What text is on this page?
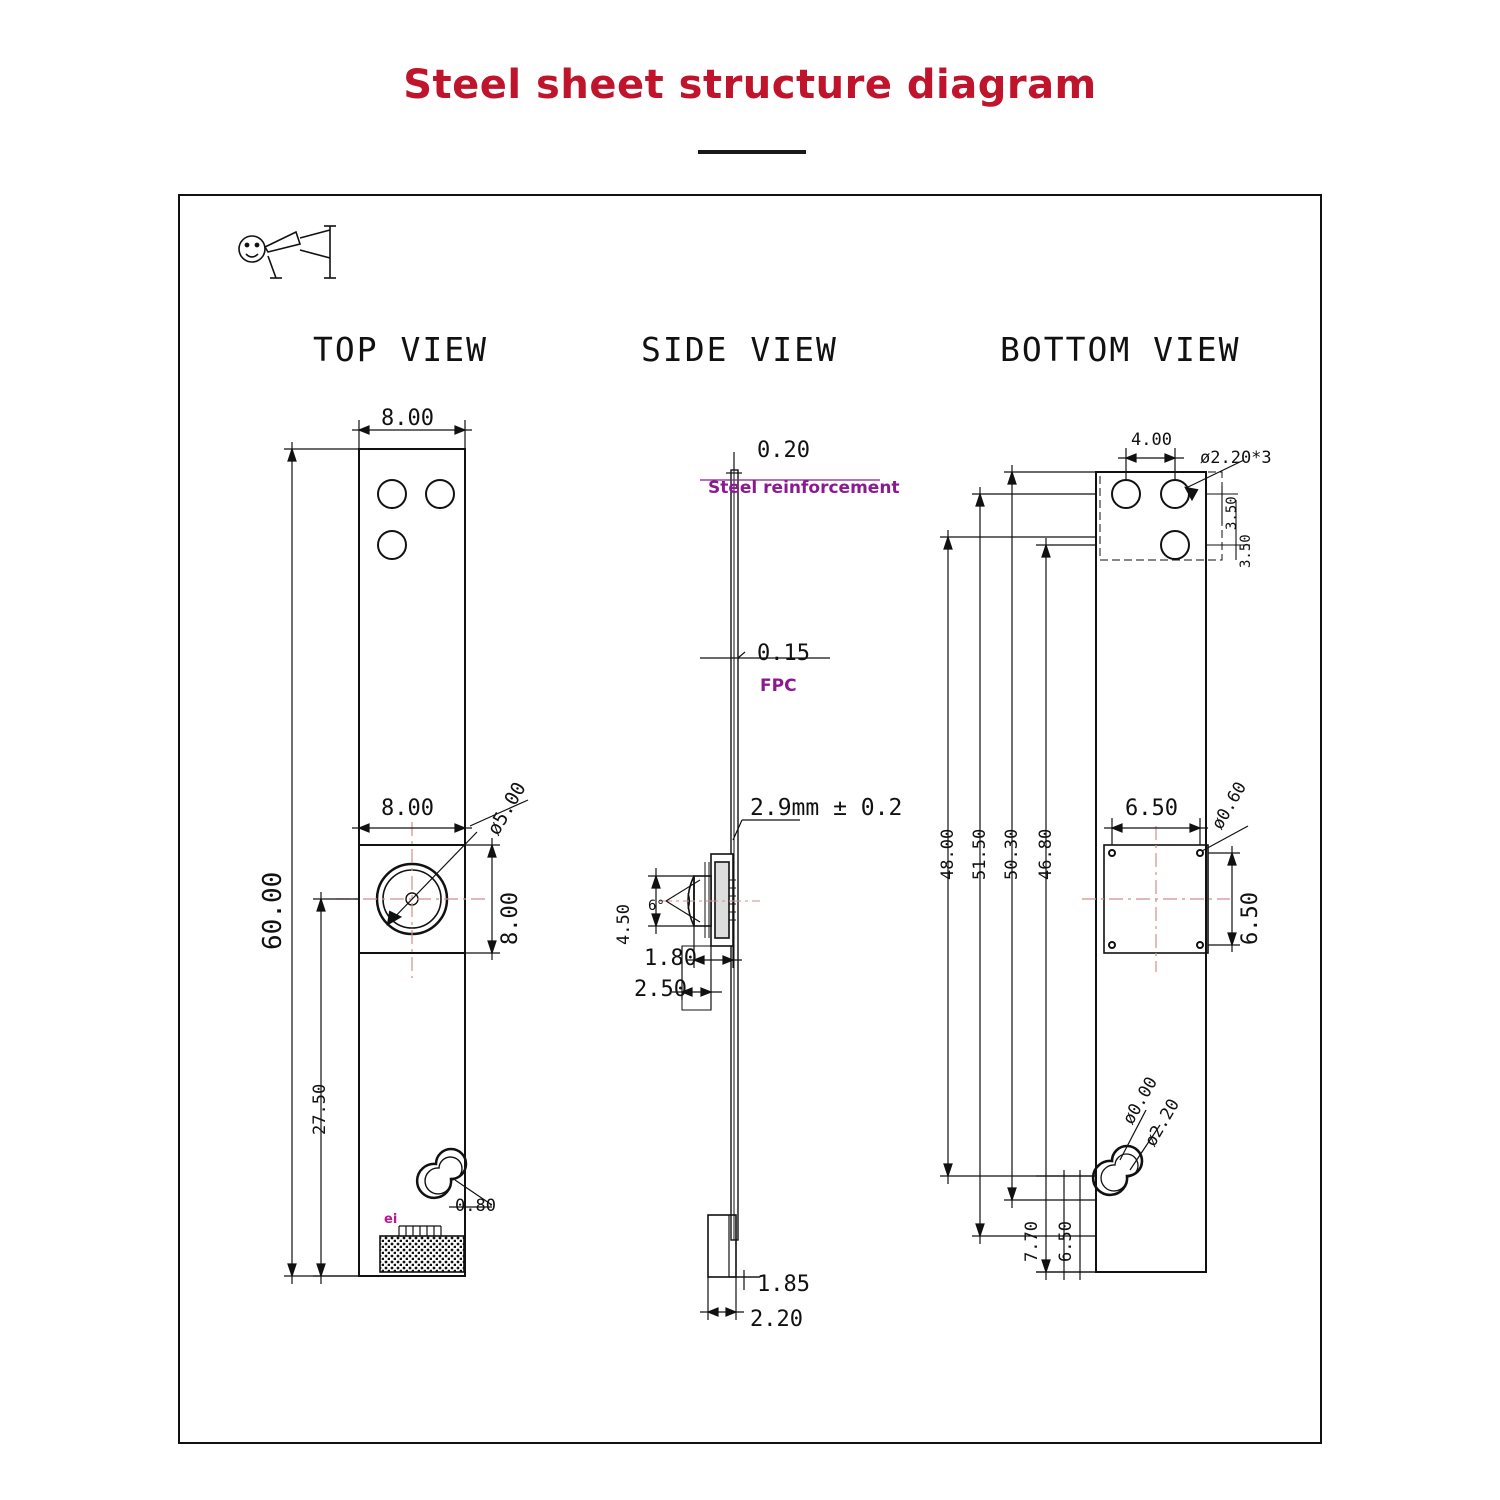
Steel sheet structure diagram
TOP VIEW	SIDE VIEW	BOTTOM VIEW
8.00
60.00
27.50
8.00
8.00
ø5.00
0.80
ei
0.20
Steel reinforcement
0.15
FPC
2.9mm ± 0.2
4.50 6°
1.80
2.50
1.85
2.20
4.00
ø2.20*3
3.50
3.50
48.00 51.50 50.30 46.80
6.50
6.50
ø0.60
ø0.00
ø2.20
7.70 6.50
